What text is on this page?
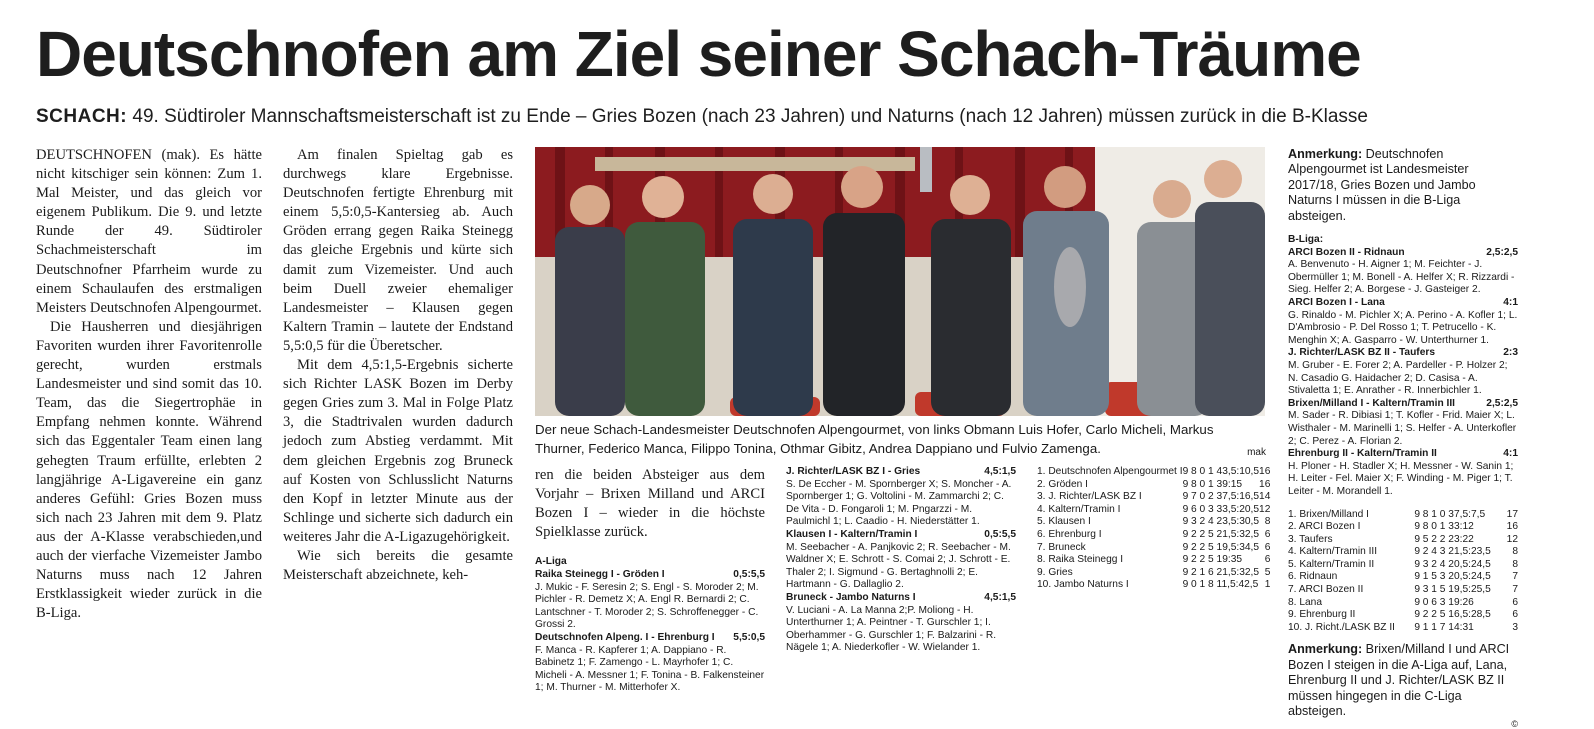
Deutschnofen am Ziel seiner Schach-Träume
SCHACH: 49. Südtiroler Mannschaftsmeisterschaft ist zu Ende – Gries Bozen (nach 23 Jahren) und Naturns (nach 12 Jahren) müssen zurück in die B-Klasse

DEUTSCHNOFEN (mak). Es hätte nicht kitschiger sein können: Zum 1. Mal Meister, und das gleich vor eigenem Publikum. Die 9. und letzte Runde der 49. Südtiroler Schachmeisterschaft im Deutschnofner Pfarrheim wurde zu einem Schaulaufen des erstmaligen Meisters Deutschnofen Alpengourmet.

Die Hausherren und diesjährigen Favoriten wurden ihrer Favoritenrolle gerecht, wurden erstmals Landesmeister und sind somit das 10. Team, das die Siegertrophäe in Empfang nehmen konnte. Während sich das Eggentaler Team einen lang gehegten Traum erfüllte, erlebten 2 langjährige A-Ligavereine ein ganz anderes Gefühl: Gries Bozen muss sich nach 23 Jahren mit dem 9. Platz aus der A-Klasse verabschieden,und auch der vierfache Vizemeister Jambo Naturns muss nach 12 Jahren Erstklassigkeit wieder zurück in die B-Liga.

Am finalen Spieltag gab es durchwegs klare Ergebnisse. Deutschnofen fertigte Ehrenburg mit einem 5,5:0,5-Kantersieg ab. Auch Gröden errang gegen Raika Steinegg das gleiche Ergebnis und kürte sich damit zum Vizemeister. Und auch beim Duell zweier ehemaliger Landesmeister – Klausen gegen Kaltern Tramin – lautete der Endstand 5,5:0,5 für die Überetscher.

Mit dem 4,5:1,5-Ergebnis sicherte sich Richter LASK Bozen im Derby gegen Gries zum 3. Mal in Folge Platz 3, die Stadtrivalen wurden dadurch jedoch zum Abstieg verdammt. Mit dem gleichen Ergebnis zog Bruneck auf Kosten von Schlusslicht Naturns den Kopf in letzter Minute aus der Schlinge und sicherte sich dadurch ein weiteres Jahr die A-Ligazugehörigkeit.

Wie sich bereits die gesamte Meisterschaft abzeichnete, keh-

Der neue Schach-Landesmeister Deutschnofen Alpengourmet, von links Obmann Luis Hofer, Carlo Micheli, Markus Thurner, Federico Manca, Filippo Tonina, Othmar Gibitz, Andrea Dappiano und Fulvio Zamenga.	mak

ren die beiden Absteiger aus dem Vorjahr – Brixen Milland und ARCI Bozen I – wieder in die höchste Spielklasse zurück.

A-Liga
Raika Steinegg I - Gröden I	0,5:5,5
J. Mukic - F. Seresin 2; S. Engl - S. Moroder 2; M. Pichler - R. Demetz X; A. Engl R. Bernardi 2; C. Lantschner - T. Moroder 2; S. Schroffenegger - C. Grossi 2.
Deutschnofen Alpeng. I - Ehrenburg I	5,5:0,5
F. Manca - R. Kapferer 1; A. Dappiano - R. Babinetz 1; F. Zamengo - L. Mayrhofer 1; C. Micheli - A. Messner 1; F. Tonina - B. Falkensteiner 1; M. Thurner - M. Mitterhofer X.
J. Richter/LASK BZ I - Gries	4,5:1,5
S. De Eccher - M. Spornberger X; S. Moncher - A. Spornberger 1; G. Voltolini - M. Zammarchi 2; C. De Vita - D. Fongaroli 1; M. Pngarzzi - M. Paulmichl 1; L. Caadio - H. Niederstätter 1.
Klausen I - Kaltern/Tramin I	0,5:5,5
M. Seebacher - A. Panjkovic 2; R. Seebacher - M. Waldner X; E. Schrott - S. Comai 2; J. Schrott - E. Thaler 2; I. Sigmund - G. Bertaghnolli 2; E. Hartmann - G. Dallaglio 2.
Bruneck - Jambo Naturns I	4,5:1,5
V. Luciani - A. La Manna 2;P. Moliong - H. Unterthurner 1; A. Peintner - T. Gurschler 1; I. Oberhammer - G. Gurschler 1; F. Balzarini - R. Nägele 1; A. Niederkofler - W. Wielander 1.
1. Deutschnofen Alpengourmet I	9 8 0 1 43,5:10,5	16
2. Gröden I	9 8 0 1 39:15	16
3. J. Richter/LASK BZ I	9 7 0 2 37,5:16,5	14
4. Kaltern/Tramin I	9 6 0 3 33,5:20,5	12
5. Klausen I	9 3 2 4 23,5:30,5	8
6. Ehrenburg I	9 2 2 5 21,5:32,5	6
7. Bruneck	9 2 2 5 19,5:34,5	6
8. Raika Steinegg I	9 2 2 5 19:35	6
9. Gries	9 2 1 6 21,5:32,5	5
10. Jambo Naturns I	9 0 1 8 11,5:42,5	1
Anmerkung: Deutschnofen Alpengourmet ist Landesmeister 2017/18, Gries Bozen und Jambo Naturns I müssen in die B-Liga absteigen.
B-Liga:
ARCI Bozen II - Ridnaun	2,5:2,5
A. Benvenuto - H. Aigner 1; M. Feichter - J. Obermüller 1; M. Bonell - A. Helfer X; R. Rizzardi - Sieg. Helfer 2; A. Borgese - J. Gasteiger 2.
ARCI Bozen I - Lana	4:1
G. Rinaldo - M. Pichler X; A. Perino - A. Kofler 1; L. D'Ambrosio - P. Del Rosso 1; T. Petrucello - K. Menghin X; A. Gasparro - W. Unterthurner 1.
J. Richter/LASK BZ II - Taufers	2:3
M. Gruber - E. Forer 2; A. Pardeller - P. Holzer 2; N. Casadio G. Haidacher 2; D. Casisa - A. Stivaletta 1; E. Anrather - R. Innerbichler 1.
Brixen/Milland I - Kaltern/Tramin III	2,5:2,5
M. Sader - R. Dibiasi 1; T. Kofler - Frid. Maier X; L. Wisthaler - M. Marinelli 1; S. Helfer - A. Unterkofler 2; C. Perez - A. Florian 2.
Ehrenburg II - Kaltern/Tramin II	4:1
H. Ploner - H. Stadler X; H. Messner - W. Sanin 1; H. Leiter - Fel. Maier X; F. Winding - M. Piger 1; T. Leiter - M. Morandell 1.
1. Brixen/Milland I	9 8 1 0 37,5:7,5	17
2. ARCI Bozen I	9 8 0 1 33:12	16
3. Taufers	9 5 2 2 23:22	12
4. Kaltern/Tramin III	9 2 4 3 21,5:23,5	8
5. Kaltern/Tramin II	9 3 2 4 20,5:24,5	8
6. Ridnaun	9 1 5 3 20,5:24,5	7
7. ARCI Bozen II	9 3 1 5 19,5:25,5	7
8. Lana	9 0 6 3 19:26	6
9. Ehrenburg II	9 2 2 5 16,5:28,5	6
10. J. Richt./LASK BZ II	9 1 1 7 14:31	3
Anmerkung: Brixen/Milland I und ARCI Bozen I steigen in die A-Liga auf, Lana, Ehrenburg II und J. Richter/LASK BZ II müssen hingegen in die C-Liga absteigen.
©
